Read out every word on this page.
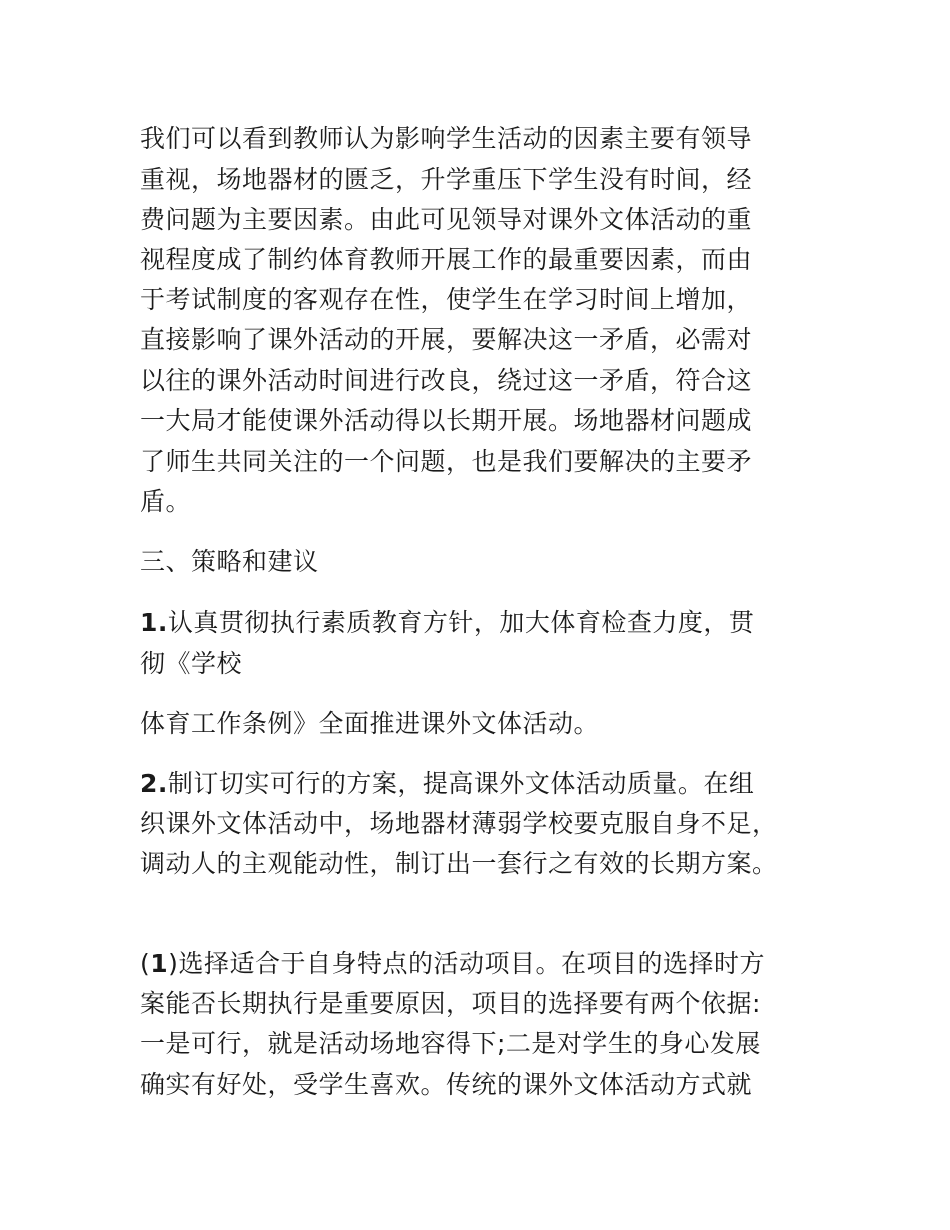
我们可以看到教师认为影响学生活动的因素主要有领导
重视，场地器材的匮乏，升学重压下学生没有时间，经
费问题为主要因素。由此可见领导对课外文体活动的重
视程度成了制约体育教师开展工作的最重要因素，而由
于考试制度的客观存在性，使学生在学习时间上增加，
直接影响了课外活动的开展，要解决这一矛盾，必需对
以往的课外活动时间进行改良，绕过这一矛盾，符合这
一大局才能使课外活动得以长期开展。场地器材问题成
了师生共同关注的一个问题，也是我们要解决的主要矛
盾。
三、策略和建议
1.认真贯彻执行素质教育方针，加大体育检查力度，贯
彻《学校
体育工作条例》全面推进课外文体活动。
2.制订切实可行的方案，提高课外文体活动质量。在组
织课外文体活动中，场地器材薄弱学校要克服自身不足，
调动人的主观能动性，制订出一套行之有效的长期方案。
(1)选择适合于自身特点的活动项目。在项目的选择时方
案能否长期执行是重要原因，项目的选择要有两个依据:
一是可行，就是活动场地容得下;二是对学生的身心发展
确实有好处，受学生喜欢。传统的课外文体活动方式就
